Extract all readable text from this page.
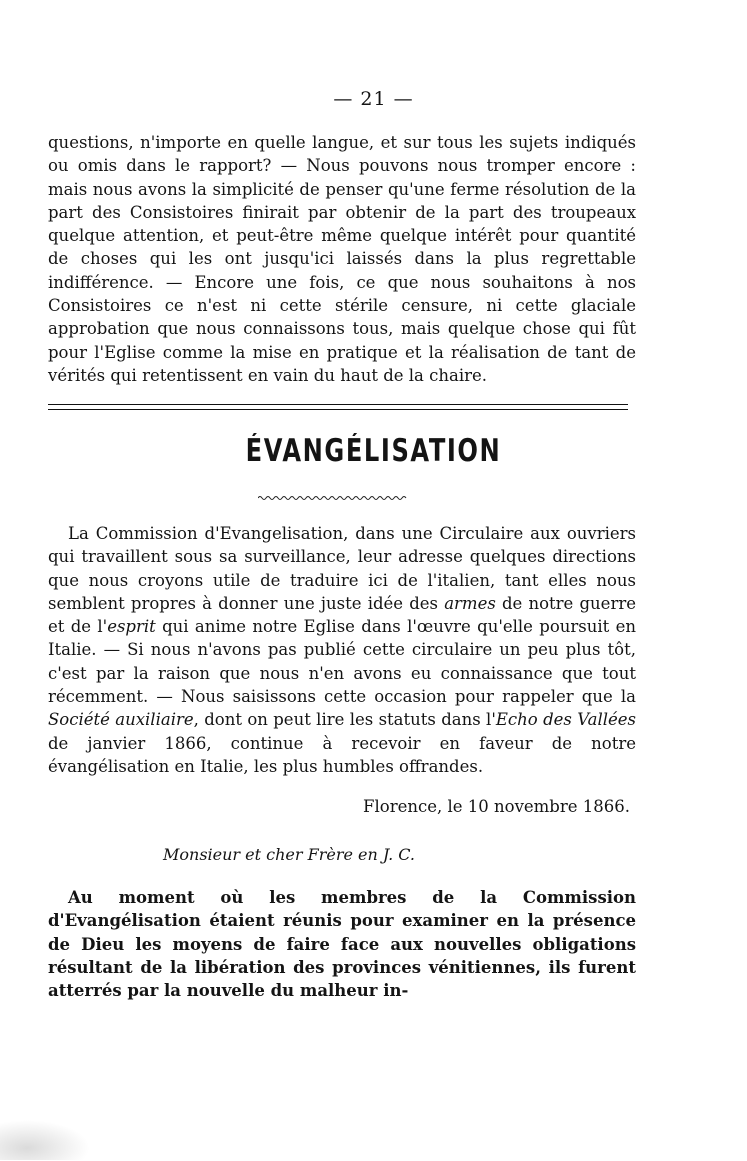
— 21 —
questions, n'importe en quelle langue, et sur tous les sujets indiqués ou omis dans le rapport? — Nous pouvons nous tromper encore : mais nous avons la simplicité de penser qu'une ferme résolution de la part des Consistoires finirait par obtenir de la part des troupeaux quelque attention, et peut-être même quelque intérêt pour quantité de choses qui les ont jusqu'ici laissés dans la plus regrettable indifférence. — Encore une fois, ce que nous souhaitons à nos Consistoires ce n'est ni cette stérile censure, ni cette glaciale approbation que nous connaissons tous, mais quelque chose qui fût pour l'Eglise comme la mise en pratique et la réalisation de tant de vérités qui retentissent en vain du haut de la chaire.
ÉVANGÉLISATION
La Commission d'Evangelisation, dans une Circulaire aux ouvriers qui travaillent sous sa surveillance, leur adresse quelques directions que nous croyons utile de traduire ici de l'italien, tant elles nous semblent propres à donner une juste idée des armes de notre guerre et de l'esprit qui anime notre Eglise dans l'œuvre qu'elle poursuit en Italie. — Si nous n'avons pas publié cette circulaire un peu plus tôt, c'est par la raison que nous n'en avons eu connaissance que tout récemment. — Nous saisissons cette occasion pour rappeler que la Société auxiliaire, dont on peut lire les statuts dans l'Echo des Vallées de janvier 1866, continue à recevoir en faveur de notre évangélisation en Italie, les plus humbles offrandes.
Florence, le 10 novembre 1866.
Monsieur et cher Frère en J. C.
Au moment où les membres de la Commission d'Evangélisation étaient réunis pour examiner en la présence de Dieu les moyens de faire face aux nouvelles obligations résultant de la libération des provinces vénitiennes, ils furent atterrés par la nouvelle du malheur in-
